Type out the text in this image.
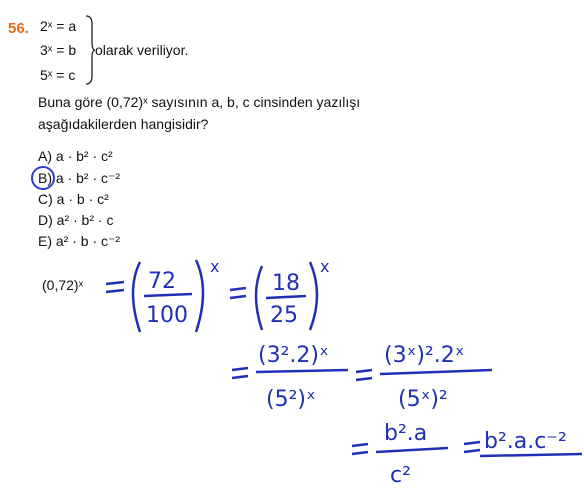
56. 2ˣ = a
3ˣ = b
5ˣ = c
olarak veriliyor.
Buna göre (0,72)ˣ sayısının a, b, c cinsinden yazılışı
aşağıdakilerden hangisidir?
A) a · b² · c²
B) a · b² · c⁻²
C) a · b · c²
D) a² · b² · c
E) a² · b · c⁻²
(0,72)ˣ	72
100
x
18
25
x
(3².2)ˣ
(5²)ˣ
(3ˣ)².2ˣ
(5ˣ)²
b².a
c²
b².a.c⁻²
